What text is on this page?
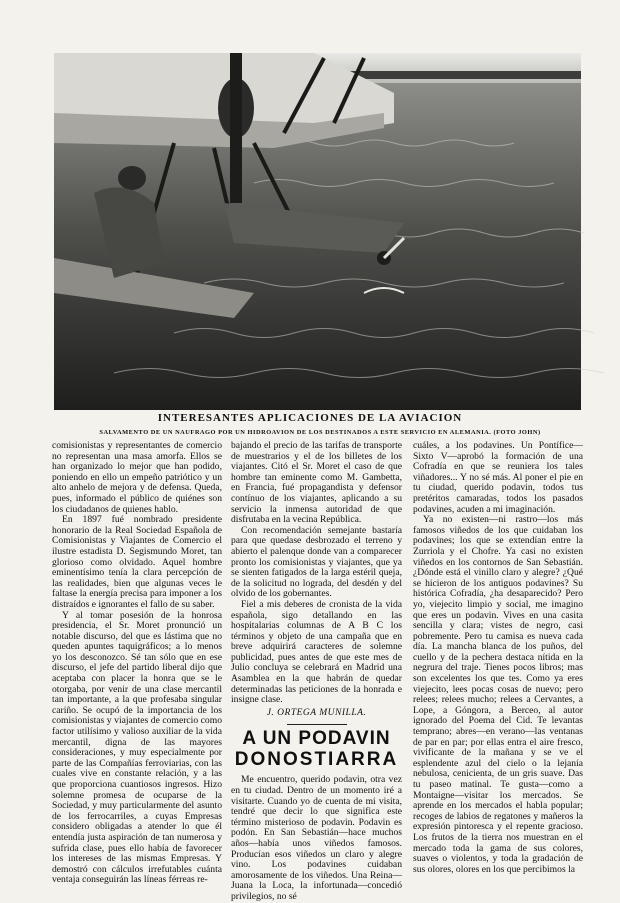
INTERESANTES APLICACIONES DE LA AVIACION
SALVAMENTO DE UN NAUFRAGO POR UN HIDROAVION DE LOS DESTINADOS A ESTE SERVICIO EN ALEMANIA. (FOTO JOHN)

comisionistas y representantes de comercio no representan una masa amorfa. Ellos se han organizado lo mejor que han podido, poniendo en ello un empeño patriótico y un alto anhelo de mejora y de defensa. Queda, pues, informado el público de quiénes son los ciudadanos de quienes hablo.

En 1897 fué nombrado presidente honorario de la Real Sociedad Española de Comisionistas y Viajantes de Comercio el ilustre estadista D. Segismundo Moret, tan glorioso como olvidado. Aquel hombre eminentísimo tenía la clara percepción de las realidades, bien que algunas veces le faltase la energía precisa para imponer a los distraídos e ignorantes el fallo de su saber.

Y al tomar posesión de la honrosa presidencia, el Sr. Moret pronunció un notable discurso, del que es lástima que no queden apuntes taquigráficos; a lo menos yo los desconozco. Sé tan sólo que en ese discurso, el jefe del partido liberal dijo que aceptaba con placer la honra que se le otorgaba, por venir de una clase mercantil tan importante, a la que profesaba singular cariño. Se ocupó de la importancia de los comisionistas y viajantes de comercio como factor utilísimo y valioso auxiliar de la vida mercantil, digna de las mayores consideraciones, y muy especialmente por parte de las Compañías ferroviarias, con las cuales vive en constante relación, y a las que proporciona cuantiosos ingresos. Hizo solemne promesa de ocuparse de la Sociedad, y muy particularmente del asunto de los ferrocarriles, a cuyas Empresas considero obligadas a atender lo que él entendía justa aspiración de tan numerosa y sufrida clase, pues ello había de favorecer los intereses de las mismas Empresas. Y demostró con cálculos irrefutables cuánta ventaja conseguirán las líneas férreas re-

bajando el precio de las tarifas de transporte de muestrarios y el de los billetes de los viajantes. Citó el Sr. Moret el caso de que hombre tan eminente como M. Gambetta, en Francia, fué propagandista y defensor contínuo de los viajantes, aplicando a su servicio la inmensa autoridad de que disfrutaba en la vecina República.

Con recomendación semejante bastaría para que quedase desbrozado el terreno y abierto el palenque donde van a comparecer pronto los comisionistas y viajantes, que ya se sienten fatigados de la larga estéril queja, de la solicitud no lograda, del desdén y del olvido de los gobernantes.

Fiel a mis deberes de cronista de la vida española, sigo detallando en las hospitalarias columnas de A B C los términos y objeto de una campaña que en breve adquirirá caracteres de solemne publicidad, pues antes de que este mes de Julio concluya se celebrará en Madrid una Asamblea en la que habrán de quedar determinadas las peticiones de la honrada e insigne clase.

J. ORTEGA MUNILLA.
A UN PODAVIN
DONOSTIARRA

Me encuentro, querido podavin, otra vez en tu ciudad. Dentro de un momento iré a visitarte. Cuando yo de cuenta de mi visita, tendré que decir lo que significa este término misterioso de podavin. Podavin es podón. En San Sebastián—hace muchos años—había unos viñedos famosos. Producían esos viñedos un claro y alegre vino. Los podavines cuidaban amorosamente de los viñedos. Una Reina—Juana la Loca, la infortunada—concedió privilegios, no sé

cuáles, a los podavines. Un Pontífice—Sixto V—aprobó la formación de una Cofradía en que se reuniera los tales viñadores... Y no sé más. Al poner el pie en tu ciudad, querido podavin, todos tus pretéritos camaradas, todos los pasados podavines, acuden a mi imaginación.

Ya no existen—ni rastro—los más famosos viñedos de los que cuidaban los podavines; los que se extendían entre la Zurriola y el Chofre. Ya casi no existen viñedos en los contornos de San Sebastián. ¿Dónde está el vinillo claro y alegre? ¿Qué se hicieron de los antiguos podavines? Su histórica Cofradía, ¿ha desaparecido? Pero yo, viejecito limpio y social, me imagino que eres un podavin. Vives en una casita sencilla y clara; vistes de negro, casi pobremente. Pero tu camisa es nueva cada día. La mancha blanca de los puños, del cuello y de la pechera destaca nítida en la negrura del traje. Tienes pocos libros; mas son excelentes los que tes. Como ya eres viejecito, lees pocas cosas de nuevo; pero relees; relees mucho; relees a Cervantes, a Lope, a Góngora, a Berceo, al autor ignorado del Poema del Cid. Te levantas temprano; abres—en verano—las ventanas de par en par; por ellas entra el aire fresco, vivificante de la mañana y se ve el esplendente azul del cielo o la lejanía nebulosa, cenicienta, de un gris suave. Das tu paseo matinal. Te gusta—como a Montaigne—visitar los mercados. Se aprende en los mercados el habla popular; recoges de labios de regatones y mañeros la expresión pintoresca y el repente gracioso. Los frutos de la tierra nos muestran en el mercado toda la gama de sus colores, suaves o violentos, y toda la gradación de sus olores, olores en los que percibimos la
